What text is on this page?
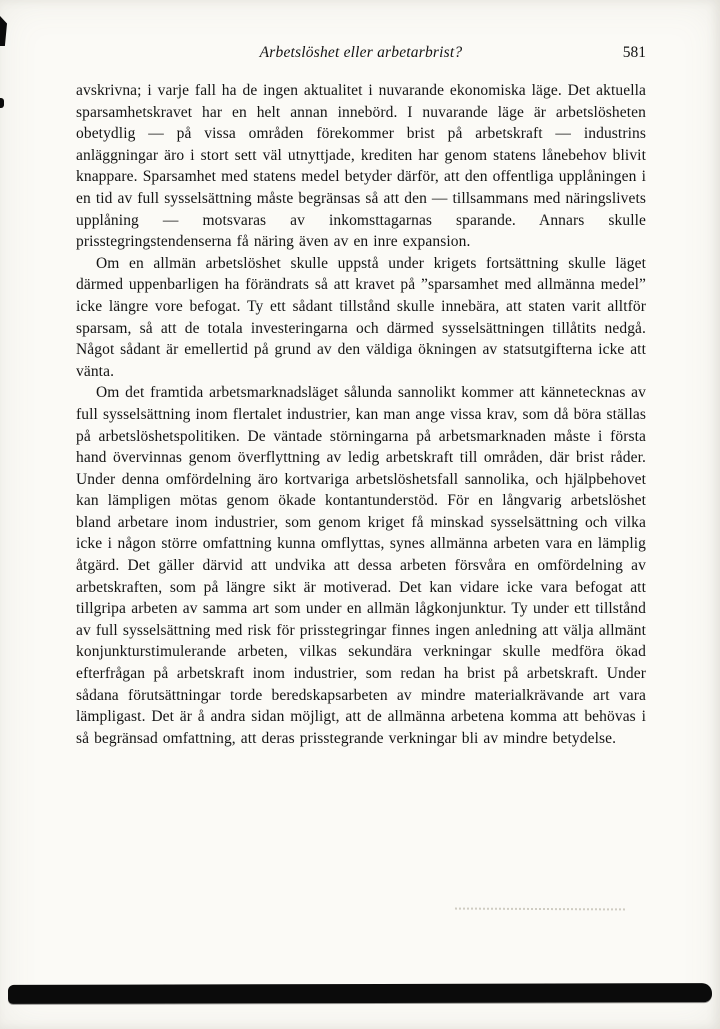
Arbetslöshet eller arbetarbrist?	581

avskrivna; i varje fall ha de ingen aktualitet i nuvarande ekonomiska läge. Det aktuella sparsamhetskravet har en helt annan innebörd. I nuvarande läge är arbetslösheten obetydlig — på vissa områden förekommer brist på arbetskraft — industrins anläggningar äro i stort sett väl utnyttjade, krediten har genom statens lånebehov blivit knappare. Sparsamhet med statens medel betyder därför, att den offentliga upplåningen i en tid av full sysselsättning måste begränsas så att den — tillsammans med näringslivets upplåning — motsvaras av inkomsttagarnas sparande. Annars skulle prisstegringstendenserna få näring även av en inre expansion.

Om en allmän arbetslöshet skulle uppstå under krigets fortsättning skulle läget därmed uppenbarligen ha förändrats så att kravet på ”sparsamhet med allmänna medel” icke längre vore befogat. Ty ett sådant tillstånd skulle innebära, att staten varit alltför sparsam, så att de totala investeringarna och därmed sysselsättningen tillåtits nedgå. Något sådant är emellertid på grund av den väldiga ökningen av statsutgifterna icke att vänta.

Om det framtida arbetsmarknadsläget sålunda sannolikt kommer att kännetecknas av full sysselsättning inom flertalet industrier, kan man ange vissa krav, som då böra ställas på arbetslöshetspolitiken. De väntade störningarna på arbetsmarknaden måste i första hand övervinnas genom överflyttning av ledig arbetskraft till områden, där brist råder. Under denna omfördelning äro kortvariga arbetslöshetsfall sannolika, och hjälpbehovet kan lämpligen mötas genom ökade kontantunderstöd. För en långvarig arbetslöshet bland arbetare inom industrier, som genom kriget få minskad sysselsättning och vilka icke i någon större omfattning kunna omflyttas, synes allmänna arbeten vara en lämplig åtgärd. Det gäller därvid att undvika att dessa arbeten försvåra en omfördelning av arbetskraften, som på längre sikt är motiverad. Det kan vidare icke vara befogat att tillgripa arbeten av samma art som under en allmän lågkonjunktur. Ty under ett tillstånd av full sysselsättning med risk för prisstegringar finnes ingen anledning att välja allmänt konjunkturstimulerande arbeten, vilkas sekundära verkningar skulle medföra ökad efterfrågan på arbetskraft inom industrier, som redan ha brist på arbetskraft. Under sådana förutsättningar torde beredskapsarbeten av mindre materialkrävande art vara lämpligast. Det är å andra sidan möjligt, att de allmänna arbetena komma att behövas i så begränsad omfattning, att deras prisstegrande verkningar bli av mindre betydelse.
